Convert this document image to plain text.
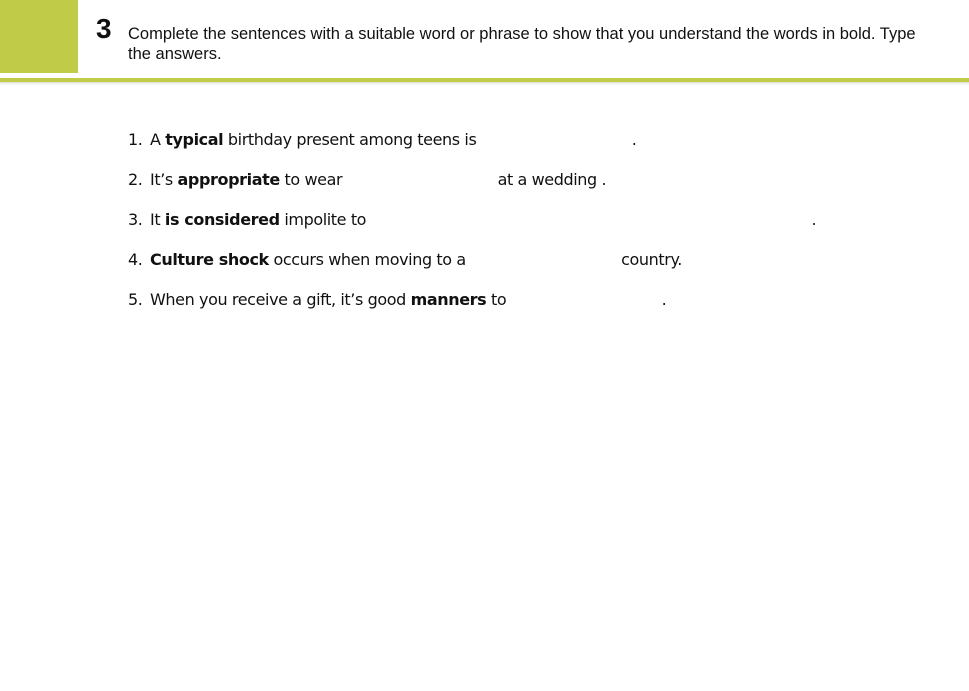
3 Complete the sentences with a suitable word or phrase to show that you understand the words in bold. Type the answers.
1. A typical birthday present among teens is	.
2. It’s appropriate to wear	at a wedding .
3. It is considered impolite to	.
4. Culture shock occurs when moving to a	country.
5. When you receive a gift, it’s good manners to	.
